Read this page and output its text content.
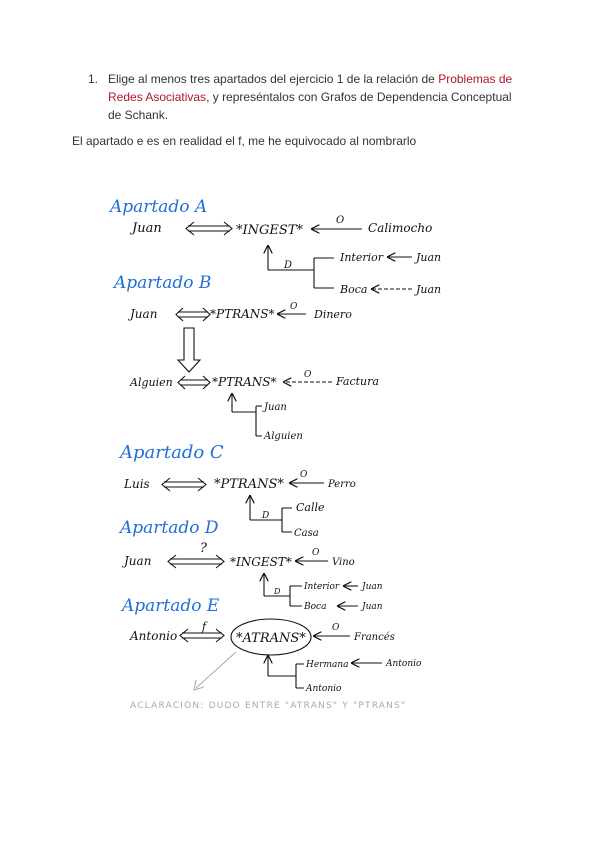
1. Elige al menos tres apartados del ejercicio 1 de la relación de Problemas de Redes Asociativas, y represéntalos con Grafos de Dependencia Conceptual de Schank.
El apartado e es en realidad el f, me he equivocado al nombrarlo
Apartado A
Juan	*INGEST*
O
Calimocho
D
Interior	Juan
Boca	Juan
Apartado B
Juan	*PTRANS* O
Dinero
Alguien	*PTRANS*	O Factura
Juan
Alguien
Apartado C
Luis	*PTRANS*
O
Perro
D
Calle
Casa
Apartado D
Juan
?
*INGEST*
O
Vino
D	Interior	Juan
Boca	Juan
Apartado E
Antonio
f
*ATRANS*
O
Francés
Hermana	Antonio
Antonio
ACLARACIÓN: DUDO ENTRE "ATRANS" Y "PTRANS"
